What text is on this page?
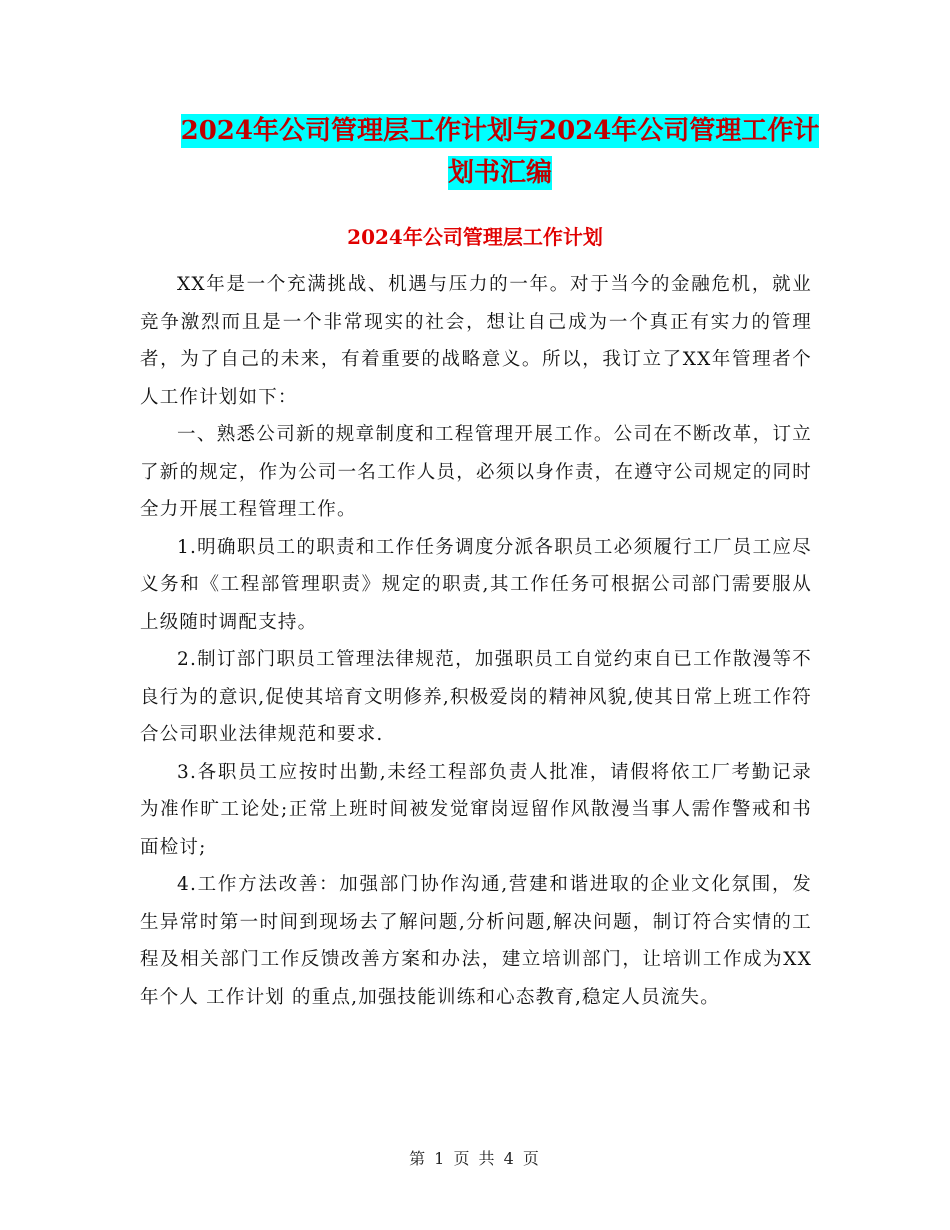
2024年公司管理层工作计划与2024年公司管理工作计
划书汇编
2024年公司管理层工作计划

XX年是一个充满挑战、机遇与压力的一年。对于当今的金融危机，就业竞争激烈而且是一个非常现实的社会，想让自己成为一个真正有实力的管理者，为了自己的未来，有着重要的战略意义。所以，我订立了XX年管理者个人工作计划如下：

一、熟悉公司新的规章制度和工程管理开展工作。公司在不断改革，订立了新的规定，作为公司一名工作人员，必须以身作责，在遵守公司规定的同时全力开展工程管理工作。

1.明确职员工的职责和工作任务调度分派各职员工必须履行工厂员工应尽义务和《工程部管理职责》规定的职责,其工作任务可根据公司部门需要服从上级随时调配支持。

2.制订部门职员工管理法律规范，加强职员工自觉约束自已工作散漫等不良行为的意识,促使其培育文明修养,积极爱岗的精神风貌,使其日常上班工作符合公司职业法律规范和要求.

3.各职员工应按时出勤,未经工程部负责人批准，请假将依工厂考勤记录为准作旷工论处;正常上班时间被发觉窜岗逗留作风散漫当事人需作警戒和书面检讨;

4.工作方法改善：加强部门协作沟通,营建和谐进取的企业文化氛围，发生异常时第一时间到现场去了解问题,分析问题,解决问题，制订符合实情的工程及相关部门工作反馈改善方案和办法，建立培训部门，让培训工作成为XX年个人 工作计划 的重点,加强技能训练和心态教育,稳定人员流失。

第 1 页 共 4 页
